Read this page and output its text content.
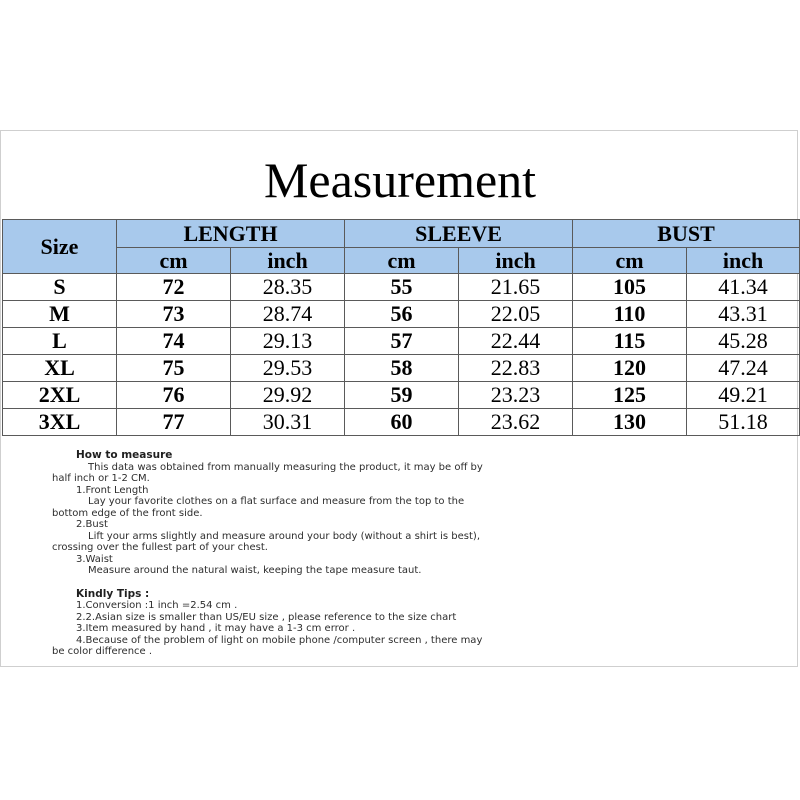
Measurement
Size	LENGTH		SLEEVE		BUST	
	cm	inch	cm	inch	cm	inch
S	72	28.35	55	21.65	105	41.34
M	73	28.74	56	22.05	110	43.31
L	74	29.13	57	22.44	115	45.28
XL	75	29.53	58	22.83	120	47.24
2XL	76	29.92	59	23.23	125	49.21
3XL	77	30.31	60	23.62	130	51.18
How to measure
This data was obtained from manually measuring the product, it may be off by
half inch or 1-2 CM.
1.Front Length
Lay your favorite clothes on a flat surface and measure from the top to the
bottom edge of the front side.
2.Bust
Lift your arms slightly and measure around your body (without a shirt is best),
crossing over the fullest part of your chest.
3.Waist
Measure around the natural waist, keeping the tape measure taut.
Kindly Tips :
1.Conversion :1 inch =2.54 cm .
2.2.Asian size is smaller than US/EU size , please reference to the size chart
3.Item measured by hand , it may have a 1-3 cm error .
4.Because of the problem of light on mobile phone /computer screen , there may
be color difference .
